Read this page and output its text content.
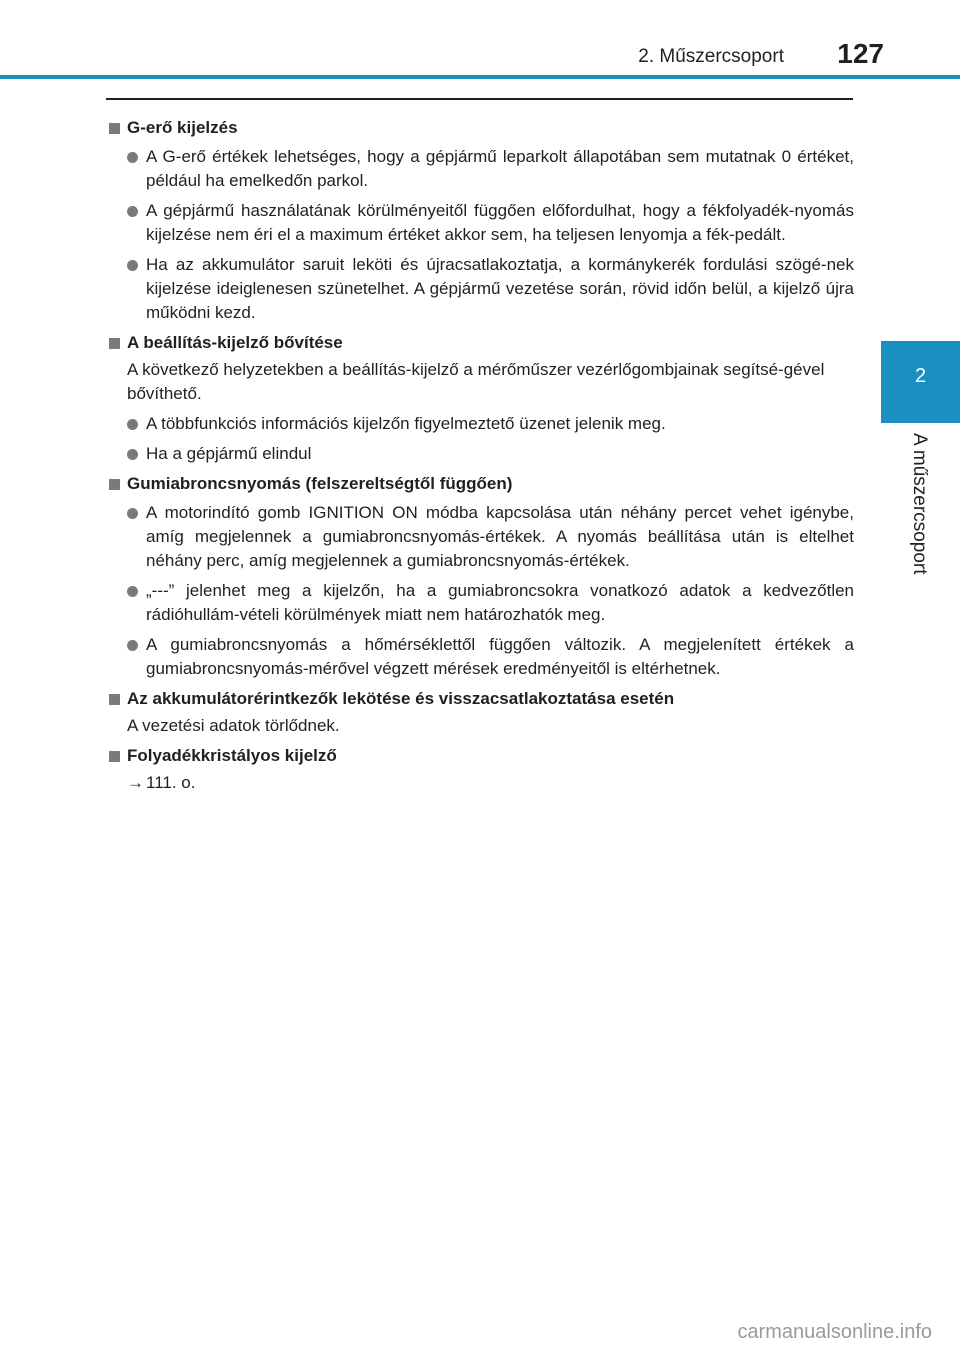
2. Műszercsoport 127
2
A műszercsoport
G-erő kijelzés
A G-erő értékek lehetséges, hogy a gépjármű leparkolt állapotában sem mutatnak 0 értéket, például ha emelkedőn parkol.
A gépjármű használatának körülményeitől függően előfordulhat, hogy a fékfolyadék-nyomás kijelzése nem éri el a maximum értéket akkor sem, ha teljesen lenyomja a fék-pedált.
Ha az akkumulátor saruit leköti és újracsatlakoztatja, a kormánykerék fordulási szögé-nek kijelzése ideiglenesen szünetelhet. A gépjármű vezetése során, rövid időn belül, a kijelző újra működni kezd.
A beállítás-kijelző bővítése
A következő helyzetekben a beállítás-kijelző a mérőműszer vezérlőgombjainak segítsé-gével bővíthető.
A többfunkciós információs kijelzőn figyelmeztető üzenet jelenik meg.
Ha a gépjármű elindul
Gumiabroncsnyomás (felszereltségtől függően)
A motorindító gomb IGNITION ON módba kapcsolása után néhány percet vehet igénybe, amíg megjelennek a gumiabroncsnyomás-értékek. A nyomás beállítása után is eltelhet néhány perc, amíg megjelennek a gumiabroncsnyomás-értékek.
„---” jelenhet meg a kijelzőn, ha a gumiabroncsokra vonatkozó adatok a kedvezőtlen rádióhullám-vételi körülmények miatt nem határozhatók meg.
A gumiabroncsnyomás a hőmérséklettől függően változik. A megjelenített értékek a gumiabroncsnyomás-mérővel végzett mérések eredményeitől is eltérhetnek.
Az akkumulátorérintkezők lekötése és visszacsatlakoztatása esetén
A vezetési adatok törlődnek.
Folyadékkristályos kijelző
→ 111. o.
carmanualsonline.info
